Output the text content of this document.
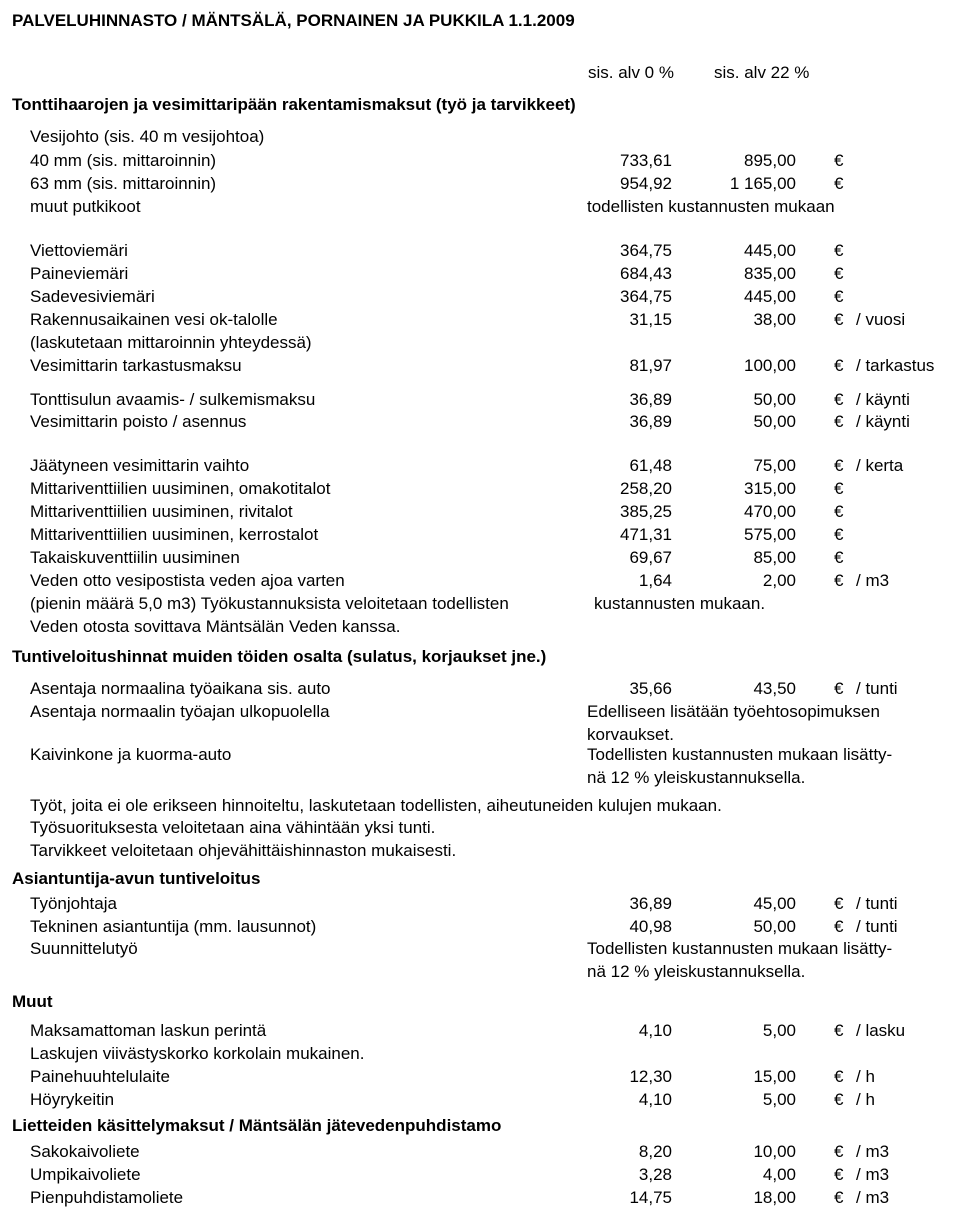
PALVELUHINNASTO / MÄNTSÄLÄ, PORNAINEN JA PUKKILA 1.1.2009
sis. alv 0 % sis. alv 22 %
Tonttihaarojen ja vesimittaripään rakentamismaksut (työ ja tarvikkeet)
Vesijohto (sis. 40 m vesijohtoa)
40 mm (sis. mittaroinnin)	733,61	895,00 €
63 mm (sis. mittaroinnin)	954,92	1 165,00 €
muut putkikoot	todellisten kustannusten mukaan
Viettoviemäri	364,75	445,00 €
Paineviemäri	684,43	835,00 €
Sadevesiviemäri	364,75	445,00 €
Rakennusaikainen vesi ok-talolle	31,15	38,00 € / vuosi
(laskutetaan mittaroinnin yhteydessä)
Vesimittarin tarkastusmaksu	81,97	100,00 € / tarkastus
Tonttisulun avaamis- / sulkemismaksu	36,89	50,00 € / käynti
Vesimittarin poisto / asennus	36,89	50,00 € / käynti
Jäätyneen vesimittarin vaihto	61,48	75,00 € / kerta
Mittariventtiilien uusiminen, omakotitalot	258,20	315,00 €
Mittariventtiilien uusiminen, rivitalot	385,25	470,00 €
Mittariventtiilien uusiminen, kerrostalot	471,31	575,00 €
Takaiskuventtiilin uusiminen	69,67	85,00 €
Veden otto vesipostista veden ajoa varten	1,64	2,00 € / m3
(pienin määrä 5,0 m3) Työkustannuksista veloitetaan todellisten	kustannusten mukaan.
Veden otosta sovittava Mäntsälän Veden kanssa.
Asentaja normaalina työaikana sis. auto	35,66	43,50 € / tunti
Asentaja normaalin työajan ulkopuolella	Edelliseen lisätään työehtosopimuksen
korvaukset.
Kaivinkone ja kuorma-auto	Todellisten kustannusten mukaan lisätty-
nä 12 % yleiskustannuksella.
Työt, joita ei ole erikseen hinnoiteltu, laskutetaan todellisten, aiheutuneiden kulujen mukaan.
Työsuorituksesta veloitetaan aina vähintään yksi tunti.
Tarvikkeet veloitetaan ohjevähittäishinnaston mukaisesti.
Työnjohtaja	36,89	45,00 € / tunti
Tekninen asiantuntija (mm. lausunnot)	40,98	50,00 € / tunti
Suunnittelutyö	Todellisten kustannusten mukaan lisätty-
nä 12 % yleiskustannuksella.
Maksamattoman laskun perintä	4,10	5,00 € / lasku
Laskujen viivästyskorko korkolain mukainen.
Painehuuhtelulaite	12,30	15,00 € / h
Höyrykeitin	4,10	5,00 € / h
Sakokaivoliete	8,20	10,00 € / m3
Umpikaivoliete	3,28	4,00 € / m3
Pienpuhdistamoliete	14,75	18,00 € / m3
Tuntiveloitushinnat muiden töiden osalta (sulatus, korjaukset jne.)
Asiantuntija-avun tuntiveloitus
Muut
Lietteiden käsittelymaksut / Mäntsälän jätevedenpuhdistamo
